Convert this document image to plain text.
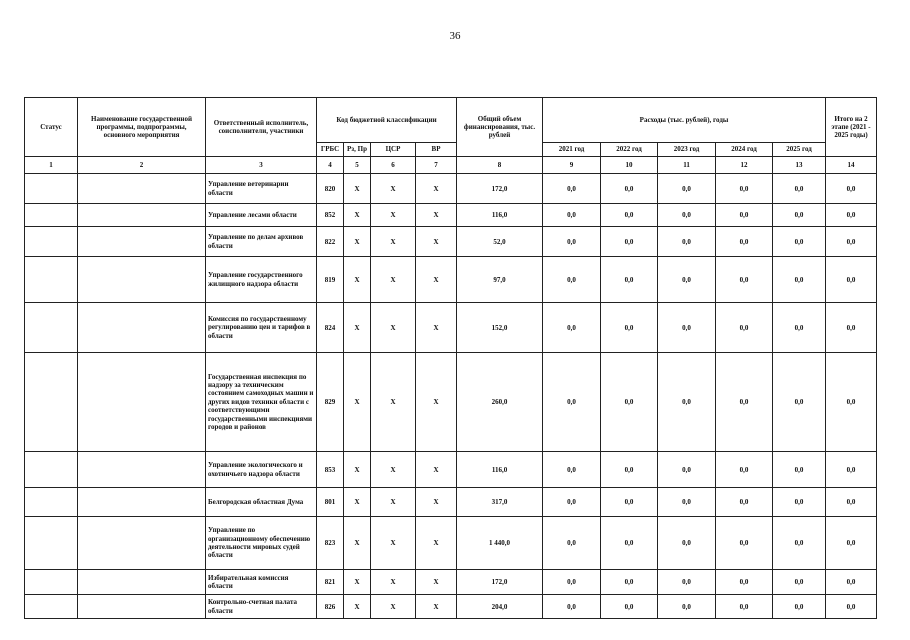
36
Статус	Наименование государственной программы, подпрограммы, основного мероприятия	Ответственный исполнитель, соисполнители, участники	Код бюджетной классификации				Общий объем финансирования, тыс. рублей	Расходы (тыс. рублей), годы					Итого на 2 этапе (2021 - 2025 годы)
			ГРБС	Рз, Пр	ЦСР	ВР		2021 год	2022 год	2023 год	2024 год	2025 год	
1	2	3	4	5	6	7	8	9	10	11	12	13	14
		Управление ветеринарии области	820	Х	Х	Х	172,0	0,0	0,0	0,0	0,0	0,0	0,0
		Управление лесами области	852	Х	Х	Х	116,0	0,0	0,0	0,0	0,0	0,0	0,0
		Управление по делам архивов области	822	Х	Х	Х	52,0	0,0	0,0	0,0	0,0	0,0	0,0
		Управление государственного жилищного надзора области	819	Х	Х	Х	97,0	0,0	0,0	0,0	0,0	0,0	0,0
		Комиссия по государственному регулированию цен и тарифов в области	824	Х	Х	Х	152,0	0,0	0,0	0,0	0,0	0,0	0,0
		Государственная инспекция по надзору за техническим состоянием самоходных машин и других видов техники области с соответствующими государственными инспекциями городов и районов	829	Х	Х	Х	260,0	0,0	0,0	0,0	0,0	0,0	0,0
		Управление экологического и охотничьего надзора области	853	Х	Х	Х	116,0	0,0	0,0	0,0	0,0	0,0	0,0
		Белгородская областная Дума	801	Х	Х	Х	317,0	0,0	0,0	0,0	0,0	0,0	0,0
		Управление по организационному обеспечению деятельности мировых судей области	823	Х	Х	Х	1 440,0	0,0	0,0	0,0	0,0	0,0	0,0
		Избирательная комиссия области	821	Х	Х	Х	172,0	0,0	0,0	0,0	0,0	0,0	0,0
		Контрольно-счетная палата области	826	Х	Х	Х	204,0	0,0	0,0	0,0	0,0	0,0	0,0
